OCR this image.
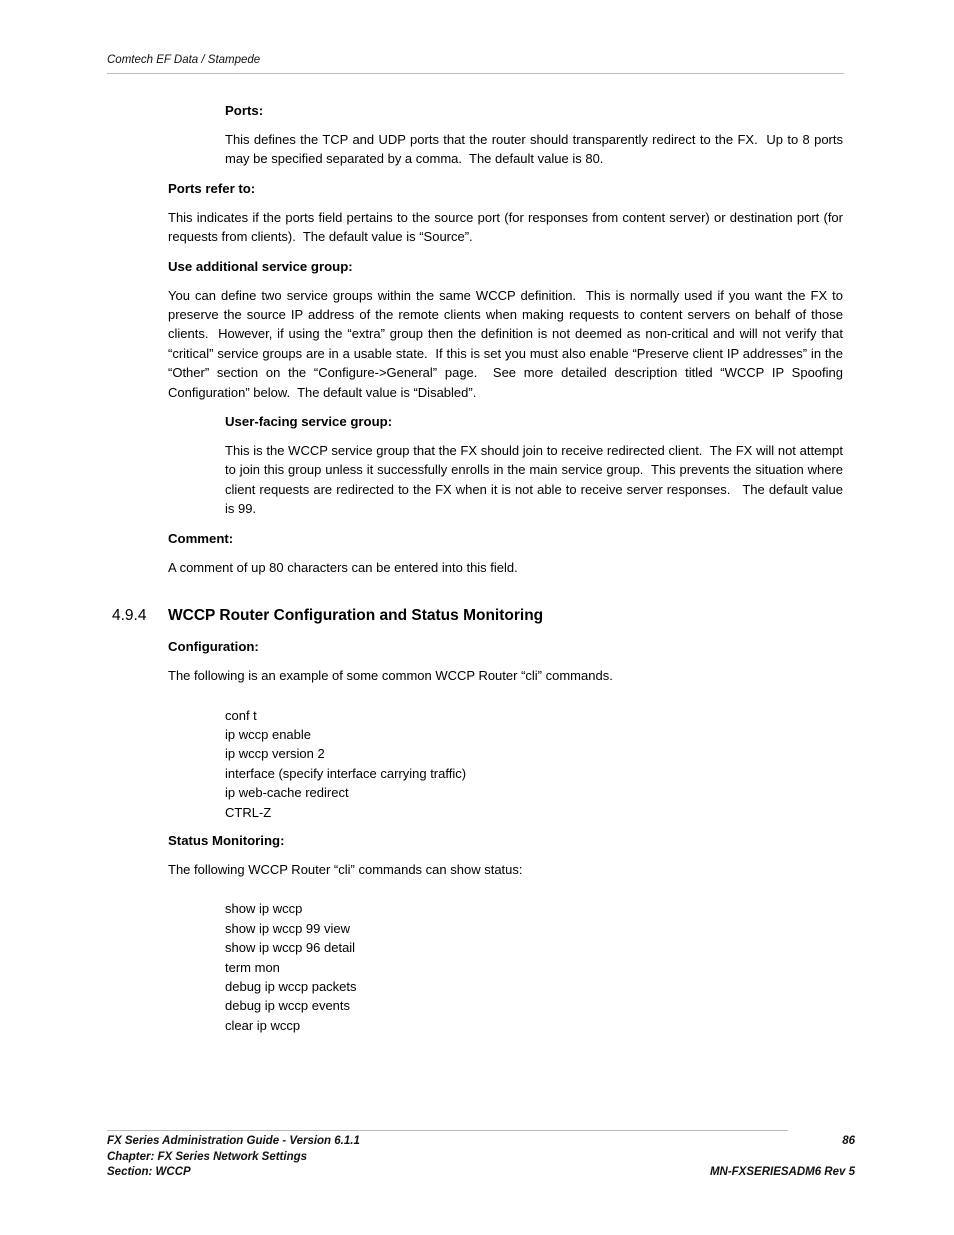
Comtech EF Data / Stampede
Ports:

This defines the TCP and UDP ports that the router should transparently redirect to the FX.  Up to 8 ports may be specified separated by a comma.  The default value is 80.

Ports refer to:

This indicates if the ports field pertains to the source port (for responses from content server) or destination port (for requests from clients).  The default value is “Source”.

Use additional service group:

You can define two service groups within the same WCCP definition.  This is normally used if you want the FX to preserve the source IP address of the remote clients when making requests to content servers on behalf of those clients.  However, if using the “extra” group then the definition is not deemed as non-critical and will not verify that “critical” service groups are in a usable state.  If this is set you must also enable “Preserve client IP addresses” in the “Other” section on the “Configure->General” page.  See more detailed description titled “WCCP IP Spoofing Configuration” below.  The default value is “Disabled”.

User-facing service group:

This is the WCCP service group that the FX should join to receive redirected client.  The FX will not attempt to join this group unless it successfully enrolls in the main service group.  This prevents the situation where client requests are redirected to the FX when it is not able to receive server responses.   The default value is 99.

Comment:

A comment of up 80 characters can be entered into this field.

4.9.4 WCCP Router Configuration and Status Monitoring
Configuration:

The following is an example of some common WCCP Router “cli” commands.

conf t
ip wccp enable
ip wccp version 2
interface (specify interface carrying traffic)
ip web-cache redirect
CTRL-Z
Status Monitoring:

The following WCCP Router “cli” commands can show status:

show ip wccp
show ip wccp 99 view
show ip wccp 96 detail
term mon
debug ip wccp packets
debug ip wccp events
clear ip wccp
FX Series Administration Guide - Version 6.1.1	86
Chapter: FX Series Network Settings
Section: WCCP	MN-FXSERIESADM6 Rev 5
